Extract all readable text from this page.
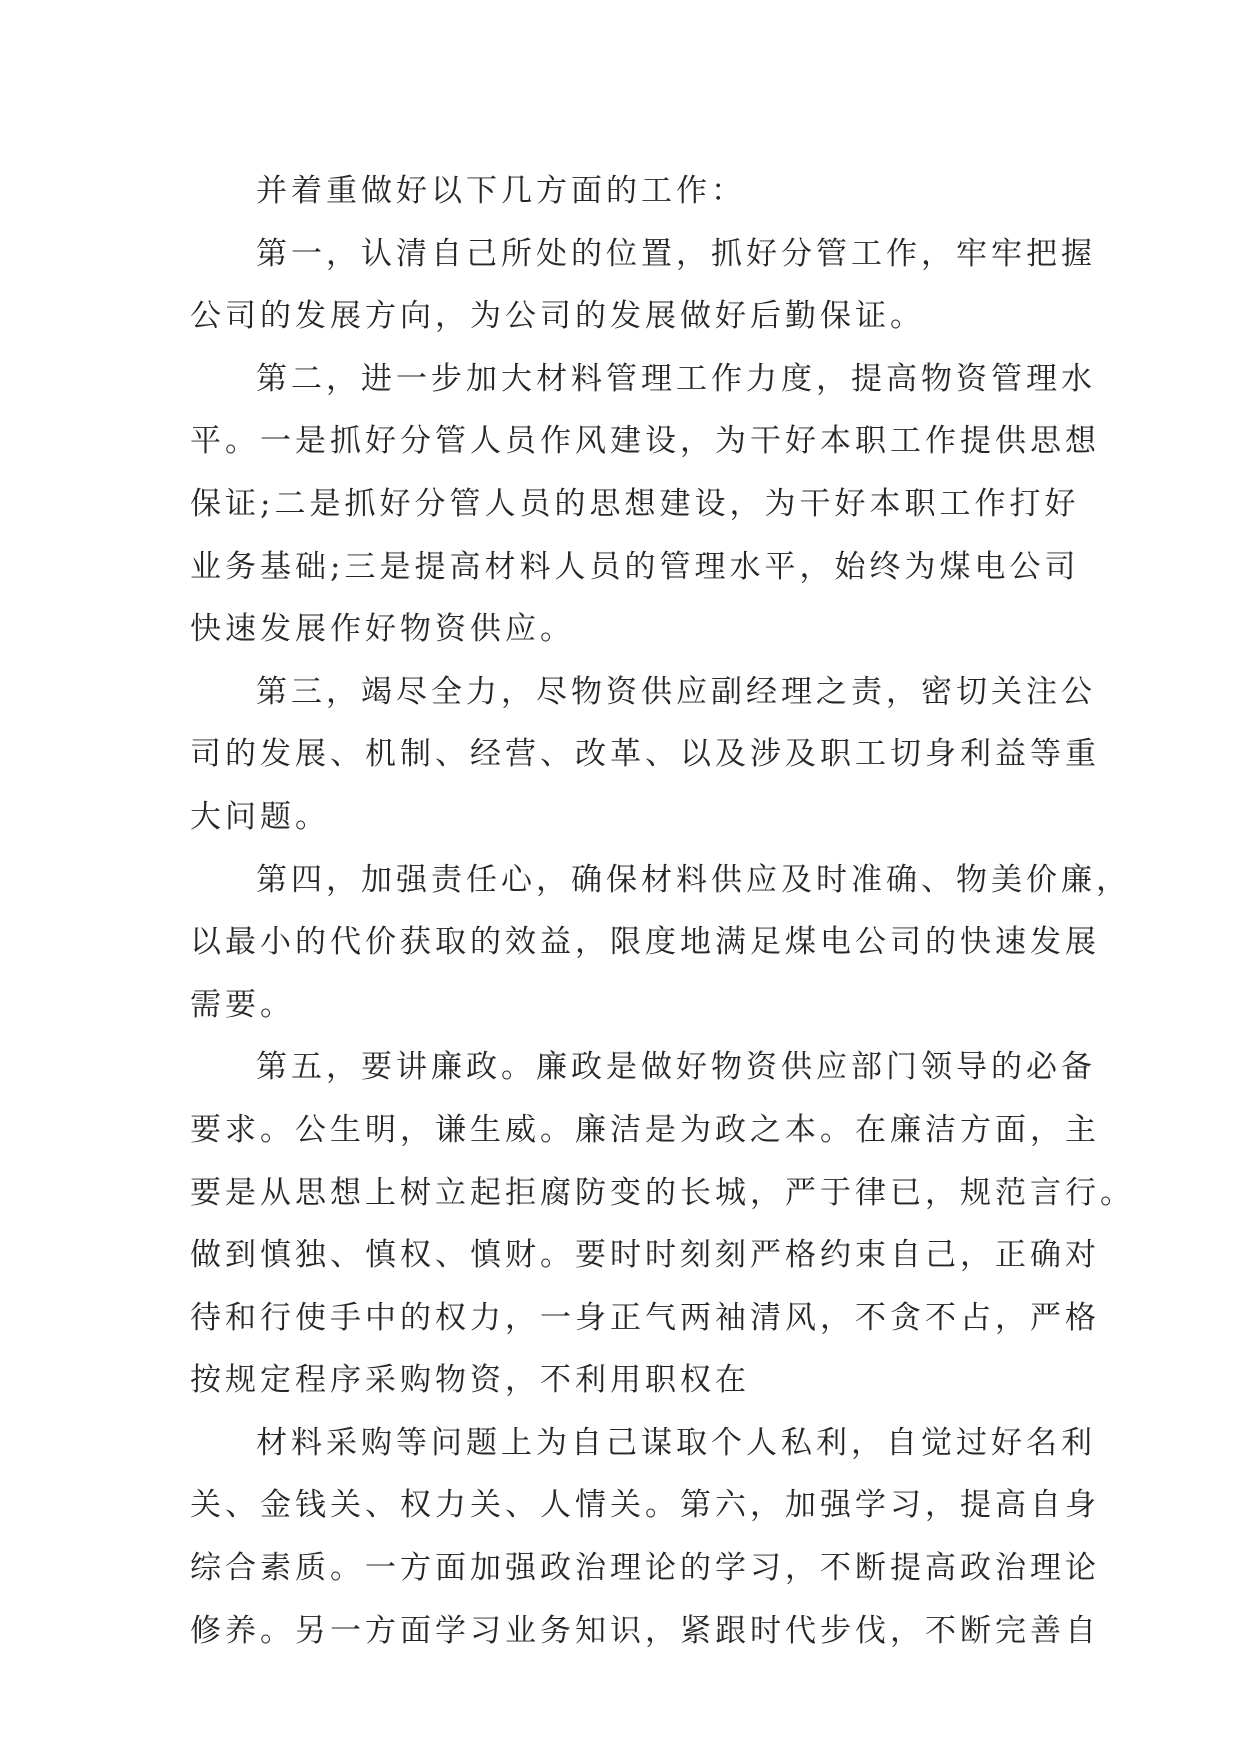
并着重做好以下几方面的工作：
第一，认清自己所处的位置，抓好分管工作，牢牢把握
公司的发展方向，为公司的发展做好后勤保证。
第二，进一步加大材料管理工作力度，提高物资管理水
平。一是抓好分管人员作风建设，为干好本职工作提供思想
保证;二是抓好分管人员的思想建设，为干好本职工作打好
业务基础;三是提高材料人员的管理水平，始终为煤电公司
快速发展作好物资供应。
第三，竭尽全力，尽物资供应副经理之责，密切关注公
司的发展、机制、经营、改革、以及涉及职工切身利益等重
大问题。
第四，加强责任心，确保材料供应及时准确、物美价廉，
以最小的代价获取的效益，限度地满足煤电公司的快速发展
需要。
第五，要讲廉政。廉政是做好物资供应部门领导的必备
要求。公生明，谦生威。廉洁是为政之本。在廉洁方面，主
要是从思想上树立起拒腐防变的长城，严于律已，规范言行。
做到慎独、慎权、慎财。要时时刻刻严格约束自己，正确对
待和行使手中的权力，一身正气两袖清风，不贪不占，严格
按规定程序采购物资，不利用职权在
材料采购等问题上为自己谋取个人私利，自觉过好名利
关、金钱关、权力关、人情关。第六，加强学习，提高自身
综合素质。一方面加强政治理论的学习，不断提高政治理论
修养。另一方面学习业务知识，紧跟时代步伐，不断完善自
